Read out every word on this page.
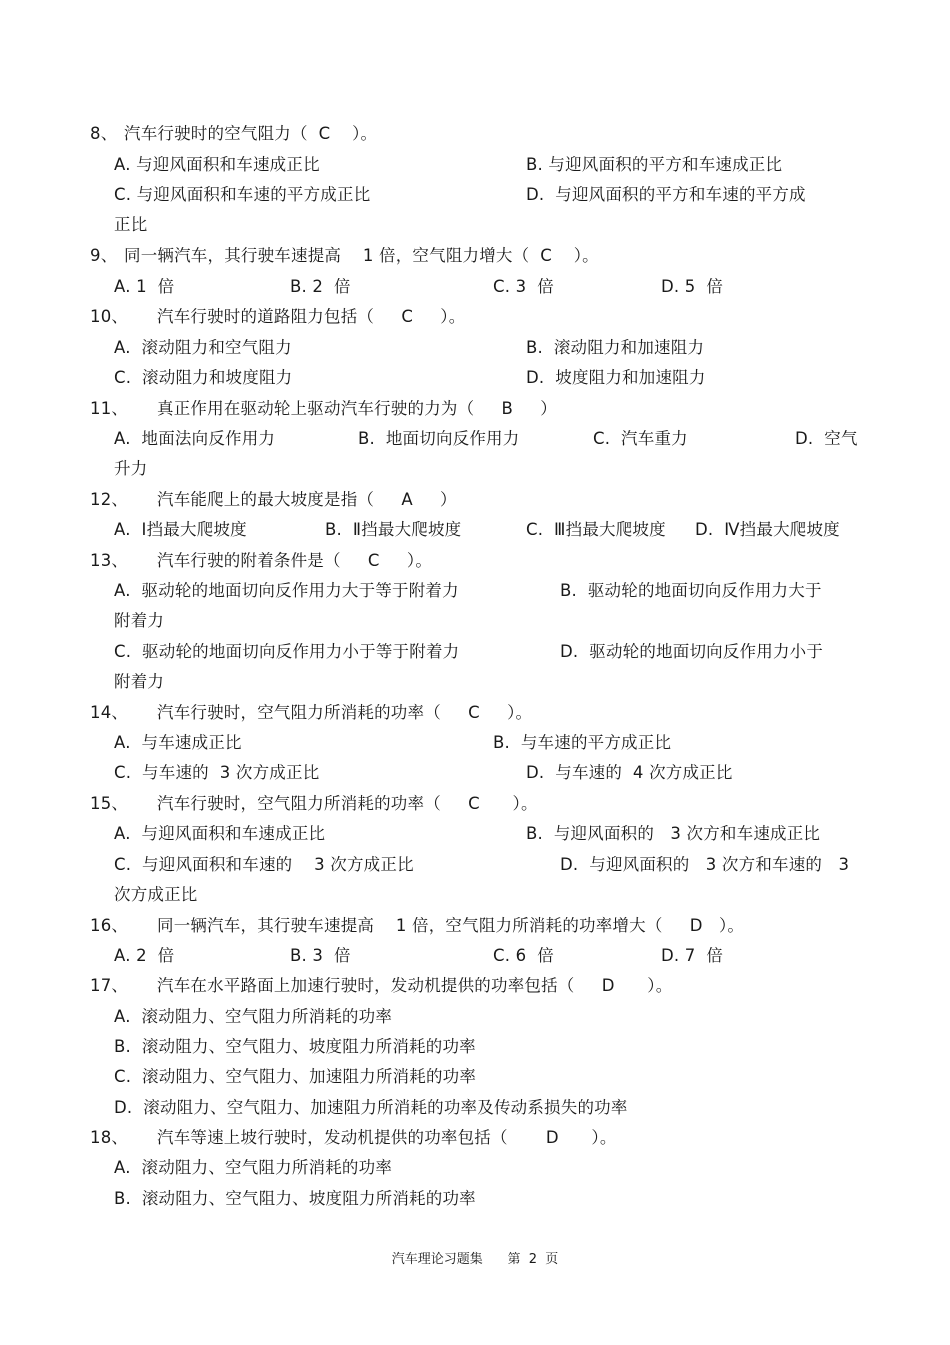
8、 汽车行驶时的空气阻力（  C    ）。
A. 与迎风面积和车速成正比	B. 与迎风面积的平方和车速成正比
C. 与迎风面积和车速的平方成正比	D.  与迎风面积的平方和车速的平方成
正比
9、 同一辆汽车，其行驶车速提高    1 倍，空气阻力增大（  C    ）。
A. 1  倍	B. 2  倍	C. 3  倍	D. 5  倍
10、 汽车行驶时的道路阻力包括（     C     ）。
A.  滚动阻力和空气阻力	B.  滚动阻力和加速阻力
C.  滚动阻力和坡度阻力	D.  坡度阻力和加速阻力
11、 真正作用在驱动轮上驱动汽车行驶的力为（     B     ）
A.  地面法向反作用力	B.  地面切向反作用力	C.  汽车重力	D.  空气
升力
12、 汽车能爬上的最大坡度是指（     A     ）
A.  Ⅰ挡最大爬坡度	B.  Ⅱ挡最大爬坡度	C.  Ⅲ挡最大爬坡度 D.  Ⅳ挡最大爬坡度
13、 汽车行驶的附着条件是（     C     ）。
A.  驱动轮的地面切向反作用力大于等于附着力	B.  驱动轮的地面切向反作用力大于
附着力
C.  驱动轮的地面切向反作用力小于等于附着力	D.  驱动轮的地面切向反作用力小于
附着力
14、 汽车行驶时，空气阻力所消耗的功率（     C     ）。
A.  与车速成正比	B.  与车速的平方成正比
C.  与车速的  3 次方成正比	D.  与车速的  4 次方成正比
15、 汽车行驶时，空气阻力所消耗的功率（     C      ）。
A.  与迎风面积和车速成正比	B.  与迎风面积的   3 次方和车速成正比
C.  与迎风面积和车速的    3 次方成正比	D.  与迎风面积的   3 次方和车速的   3
次方成正比
16、 同一辆汽车，其行驶车速提高    1 倍，空气阻力所消耗的功率增大（     D   ）。
A. 2  倍	B. 3  倍	C. 6  倍	D. 7  倍
17、 汽车在水平路面上加速行驶时，发动机提供的功率包括（     D      ）。
A.  滚动阻力、空气阻力所消耗的功率
B.  滚动阻力、空气阻力、坡度阻力所消耗的功率
C.  滚动阻力、空气阻力、加速阻力所消耗的功率
D.  滚动阻力、空气阻力、加速阻力所消耗的功率及传动系损失的功率
18、 汽车等速上坡行驶时，发动机提供的功率包括（       D      ）。
A.  滚动阻力、空气阻力所消耗的功率
B.  滚动阻力、空气阻力、坡度阻力所消耗的功率
汽车理论习题集 第  2  页
